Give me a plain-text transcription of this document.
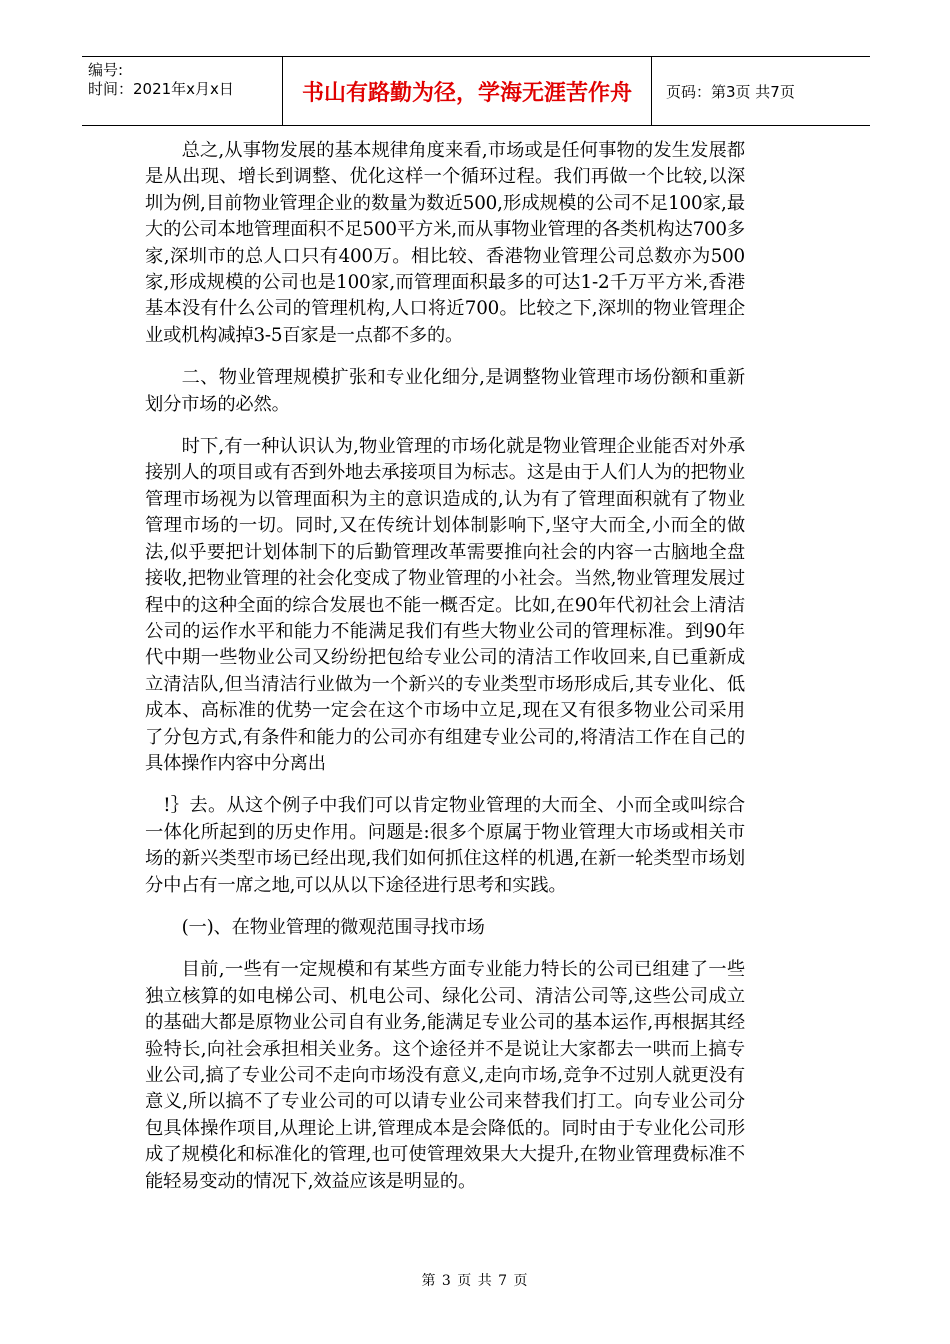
编号:
时间：2021年x月x日	书山有路勤为径，学海无涯苦作舟	页码：第3页 共7页

总之,从事物发展的基本规律角度来看,市场或是任何事物的发生发展都是从出现、增长到调整、优化这样一个循环过程。我们再做一个比较,以深圳为例,目前物业管理企业的数量为数近500,形成规模的公司不足100家,最大的公司本地管理面积不足500平方米,而从事物业管理的各类机构达700多家,深圳市的总人口只有400万。相比较、香港物业管理公司总数亦为500家,形成规模的公司也是100家,而管理面积最多的可达1-2千万平方米,香港基本没有什么公司的管理机构,人口将近700。比较之下,深圳的物业管理企业或机构减掉3-5百家是一点都不多的。

二、物业管理规模扩张和专业化细分,是调整物业管理市场份额和重新划分市场的必然。

时下,有一种认识认为,物业管理的市场化就是物业管理企业能否对外承接别人的项目或有否到外地去承接项目为标志。这是由于人们人为的把物业管理市场视为以管理面积为主的意识造成的,认为有了管理面积就有了物业管理市场的一切。同时,又在传统计划体制影响下,坚守大而全,小而全的做法,似乎要把计划体制下的后勤管理改革需要推向社会的内容一古脑地全盘接收,把物业管理的社会化变成了物业管理的小社会。当然,物业管理发展过程中的这种全面的综合发展也不能一概否定。比如,在90年代初社会上清洁公司的运作水平和能力不能满足我们有些大物业公司的管理标准。到90年代中期一些物业公司又纷纷把包给专业公司的清洁工作收回来,自已重新成立清洁队,但当清洁行业做为一个新兴的专业类型市场形成后,其专业化、低成本、高标准的优势一定会在这个市场中立足,现在又有很多物业公司采用了分包方式,有条件和能力的公司亦有组建专业公司的,将清洁工作在自己的具体操作内容中分离出

!｝去。从这个例子中我们可以肯定物业管理的大而全、小而全或叫综合一体化所起到的历史作用。问题是:很多个原属于物业管理大市场或相关市场的新兴类型市场已经出现,我们如何抓住这样的机遇,在新一轮类型市场划分中占有一席之地,可以从以下途径进行思考和实践。

(一)、在物业管理的微观范围寻找市场

目前,一些有一定规模和有某些方面专业能力特长的公司已组建了一些独立核算的如电梯公司、机电公司、绿化公司、清洁公司等,这些公司成立的基础大都是原物业公司自有业务,能满足专业公司的基本运作,再根据其经验特长,向社会承担相关业务。这个途径并不是说让大家都去一哄而上搞专业公司,搞了专业公司不走向市场没有意义,走向市场,竞争不过别人就更没有意义,所以搞不了专业公司的可以请专业公司来替我们打工。向专业公司分包具体操作项目,从理论上讲,管理成本是会降低的。同时由于专业化公司形成了规模化和标准化的管理,也可使管理效果大大提升,在物业管理费标准不能轻易变动的情况下,效益应该是明显的。

第 3 页 共 7 页
